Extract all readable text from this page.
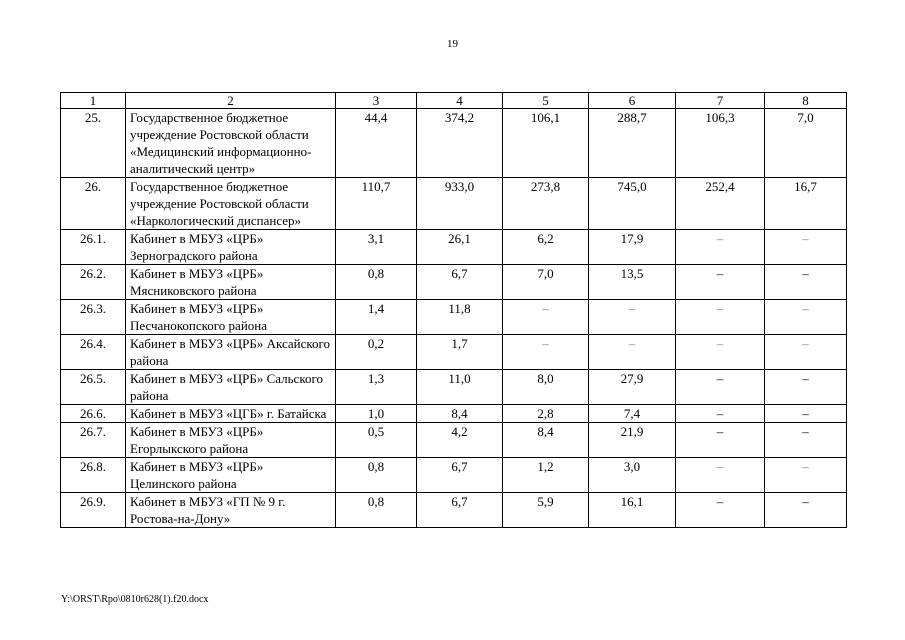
19
1	2	3	4	5	6	7	8
25.	Государственное бюджетное учреждение Ростовской области «Медицинский информационно-аналитический центр»	44,4	374,2	106,1	288,7	106,3	7,0
26.	Государственное бюджетное учреждение Ростовской области «Наркологический диспансер»	110,7	933,0	273,8	745,0	252,4	16,7
26.1.	Кабинет в МБУЗ «ЦРБ» Зерноградского района	3,1	26,1	6,2	17,9	–	–
26.2.	Кабинет в МБУЗ «ЦРБ» Мясниковского района	0,8	6,7	7,0	13,5	–	–
26.3.	Кабинет в МБУЗ «ЦРБ» Песчанокопского района	1,4	11,8	–	–	–	–
26.4.	Кабинет в МБУЗ «ЦРБ» Аксайского района	0,2	1,7	–	–	–	–
26.5.	Кабинет в МБУЗ «ЦРБ» Сальского района	1,3	11,0	8,0	27,9	–	–
26.6.	Кабинет в МБУЗ «ЦГБ» г. Батайска	1,0	8,4	2,8	7,4	–	–
26.7.	Кабинет в МБУЗ «ЦРБ» Егорлыкского района	0,5	4,2	8,4	21,9	–	–
26.8.	Кабинет в МБУЗ «ЦРБ» Целинского района	0,8	6,7	1,2	3,0	–	–
26.9.	Кабинет в МБУЗ «ГП № 9 г. Ростова-на-Дону»	0,8	6,7	5,9	16,1	–	–
Y:\ORST\Rpo\0810r628(1).f20.docx
